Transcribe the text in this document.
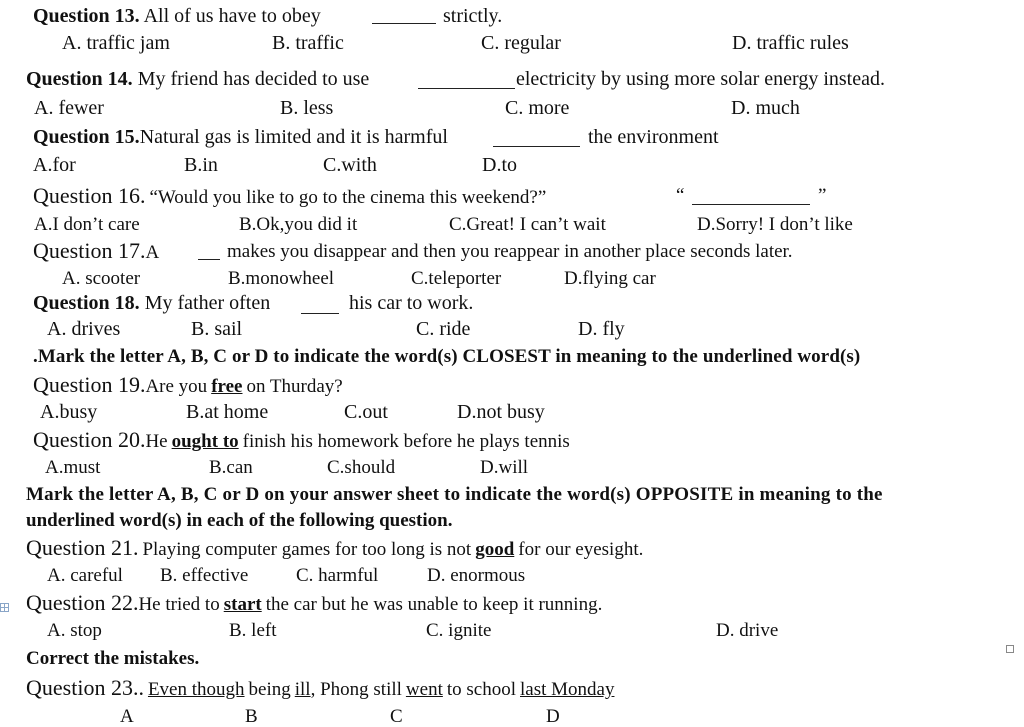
Question 13. All of us have to obey	strictly.
A. traffic jam	B. traffic	C. regular	D. traffic rules
Question 14. My friend has decided to use	electricity by using more solar energy instead.
A. fewer	B. less	C. more	D. much
Question 15.Natural gas is limited and it is harmful	the environment
A.for	B.in	C.with	D.to
Question 16. “Would you like to go to the cinema this weekend?”	“	”
A.I don’t care	B.Ok,you did it	C.Great! I can’t wait	D.Sorry! I don’t like
Question 17.A	makes you disappear and then you reappear in another place seconds later.
A. scooter	B.monowheel	C.teleporter	D.flying car
Question 18. My father often	his car to work.
A. drives	B. sail	C. ride	D. fly
.Mark the letter A, B, C or D to indicate the word(s) CLOSEST in meaning to the underlined word(s)
Question 19.Are you free on Thurday?
A.busy	B.at home	C.out	D.not busy
Question 20.He ought to finish his homework before he plays tennis
A.must	B.can	C.should	D.will
Mark the letter A, B, C or D on your answer sheet to indicate the word(s) OPPOSITE in meaning to the
underlined word(s) in each of the following question.
Question 21. Playing computer games for too long is not good for our eyesight.
A. careful B. effective	C. harmful	D. enormous
Question 22.He tried to start the car but he was unable to keep it running.
A. stop	B. left	C. ignite	D. drive
Correct the mistakes.
Question 23.. Even though being ill, Phong still went to school last Monday
A	B	C	D
